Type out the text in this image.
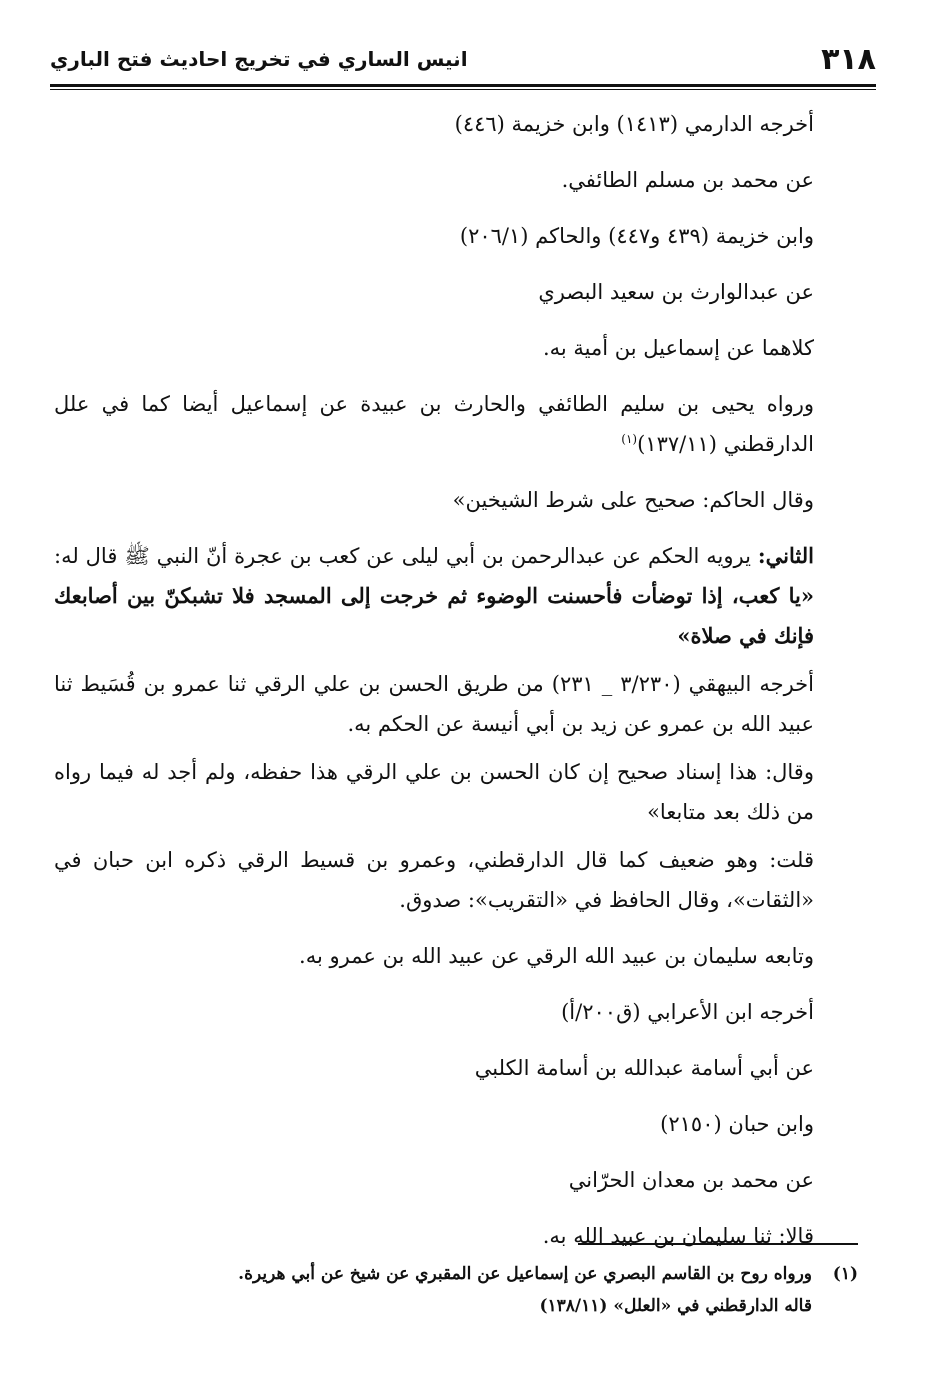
٣١٨
انيس الساري في تخريج احاديث فتح الباري

أخرجه الدارمي (١٤١٣) وابن خزيمة (٤٤٦)

عن محمد بن مسلم الطائفي.

وابن خزيمة (٤٣٩ و٤٤٧) والحاكم (٢٠٦/١)

عن عبدالوارث بن سعيد البصري

كلاهما عن إسماعيل بن أمية به.

ورواه يحيى بن سليم الطائفي والحارث بن عبيدة عن إسماعيل أيضا كما في علل الدارقطني (١٣٧/١١)$^{(١)}$

وقال الحاكم: صحيح على شرط الشيخين»

الثاني: يرويه الحكم عن عبدالرحمن بن أبي ليلى عن كعب بن عجرة أنّ النبي ﷺ قال له: «يا كعب، إذا توضأت فأحسنت الوضوء ثم خرجت إلى المسجد فلا تشبكنّ بين أصابعك فإنك في صلاة»

أخرجه البيهقي (٣/٢٣٠ _ ٢٣١) من طريق الحسن بن علي الرقي ثنا عمرو بن قُسَيط ثنا عبيد الله بن عمرو عن زيد بن أبي أنيسة عن الحكم به.

وقال: هذا إسناد صحيح إن كان الحسن بن علي الرقي هذا حفظه، ولم أجد له فيما رواه من ذلك بعد متابعا»

قلت: وهو ضعيف كما قال الدارقطني، وعمرو بن قسيط الرقي ذكره ابن حبان في «الثقات»، وقال الحافظ في «التقريب»: صدوق.

وتابعه سليمان بن عبيد الله الرقي عن عبيد الله بن عمرو به.

أخرجه ابن الأعرابي (ق٢٠٠/أ)

عن أبي أسامة عبدالله بن أسامة الكلبي

وابن حبان (٢١٥٠)

عن محمد بن معدان الحرّاني

قالا: ثنا سليمان بن عبيد الله به.

(١)
ورواه روح بن القاسم البصري عن إسماعيل عن المقبري عن شيخ عن أبي هريرة.
قاله الدارقطني في «العلل» (١٣٨/١١)
